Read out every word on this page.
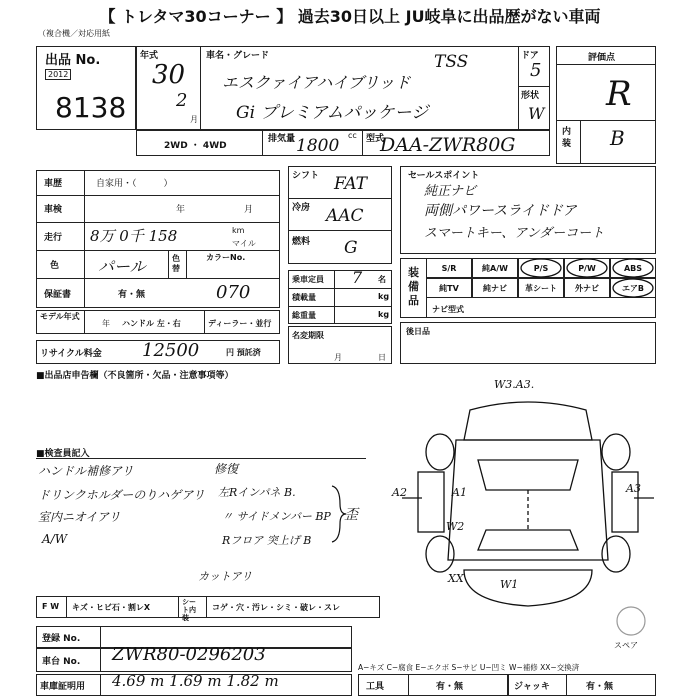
【 トレタマ30コーナー 】 過去30日以上 JU岐阜に出品歴がない車両
（複合機／対応用紙
出品 No.
2012
8138
年式
30
2
月
車名・グレード
エスクァイアハイブリッド
TSS
Gi プレミアムパッケージ
ドア
5
形状
W
評価点
R
内装 B
2WD ・ 4WD
排気量	cc
1800	型式
DAA-ZWR80G
車歴	自家用・（　　　）
車検	年	月
走行 8万 0千 158	km
マイル
色 パール	色替
カラーNo.
保証書	有・無	070
モデル年式
年 ハンドル 左・右	ディーラー・並行
リサイクル料金 12500	円 預託済
シフト FAT
冷房 AAC
燃料 G
乗車定員 7 名
積載量	kg
総重量	kg
名変期限
月	日
セールスポイント
純正ナビ
両側パワースライドドア
スマートキー、アンダーコート
装備品
S/R	純A/W	P/S	P/W	ABS
純TV	純ナビ	革シート	外ナビ	エアB
ナビ型式
後日品
■出品店申告欄（不良箇所・欠品・注意事項等）
■検査員記入
ハンドル補修アリ
ドリンクホルダーのりハゲアリ
室内ニオイアリ
A/W
修復
左Rインパネ B.
〃 サイドメンバー BP
Rフロア 突上げ B
歪
カットアリ
W3.A3.
A2	A1	A3
W2
XX	W1
スペア
A−キズ C−腐食 E−エクボ S−サビ U−凹ミ W−補修 XX−交換済
F W キズ・ヒビ石・割レX
シート内装
コゲ・穴・汚レ・シミ・破レ・スレ
登録 No.
車台 No. ZWR80-0296203
車庫証明用 4.69 m 1.69 m 1.82 m	工具	有・無	ジャッキ	有・無
